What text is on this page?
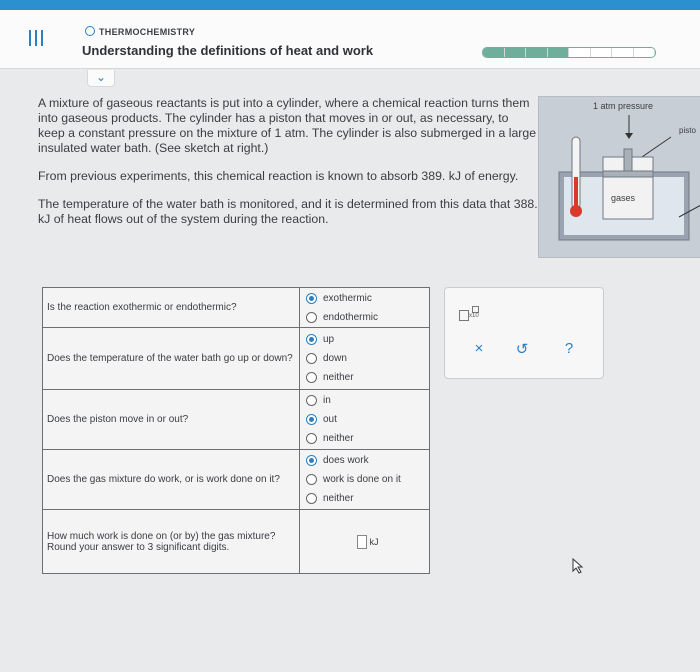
THERMOCHEMISTRY
Understanding the definitions of heat and work
⌄

A mixture of gaseous reactants is put into a cylinder, where a chemical reaction turns them into gaseous products. The cylinder has a piston that moves in or out, as necessary, to keep a constant pressure on the mixture of 1 atm. The cylinder is also submerged in a large insulated water bath. (See sketch at right.)

From previous experiments, this chemical reaction is known to absorb 389. kJ of energy.

The temperature of the water bath is monitored, and it is determined from this data that 388. kJ of heat flows out of the system during the reaction.

1 atm pressure
pisto
gases
Is the reaction exothermic or endothermic?	exothermic
endothermic

Does the temperature of the water bath go up or down?	up
down
neither

Does the piston move in or out?	in
out
neither

Does the gas mixture do work, or is work done on it?	does work
work is done on it
neither

How much work is done on (or by) the gas mixture? Round your answer to 3 significant digits.	kJ
x10
×	↺	?
